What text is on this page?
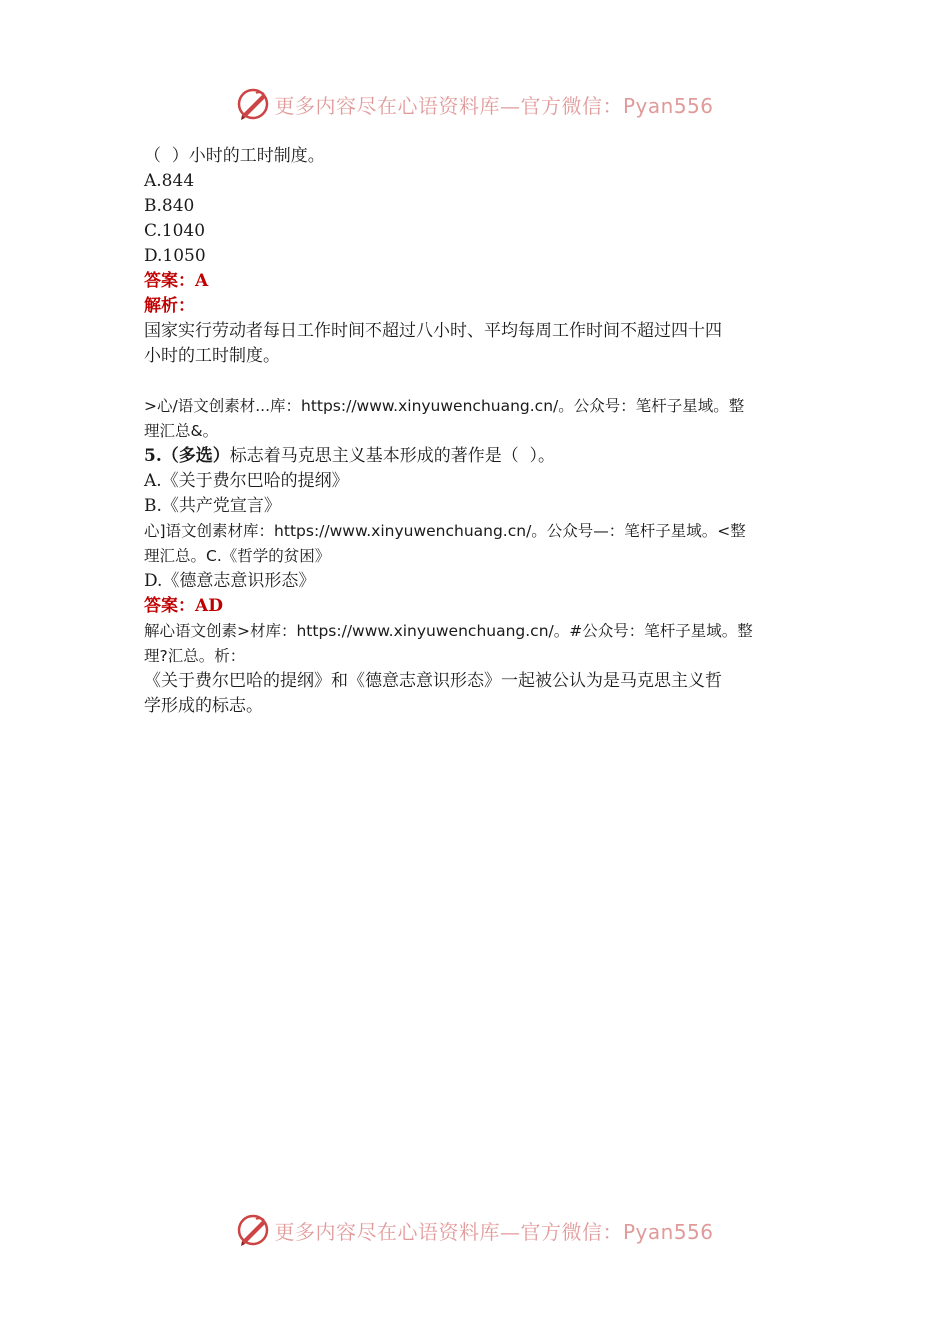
更多内容尽在心语资料库—官方微信：Pyan556
（  ）小时的工时制度。
A.844
B.840
C.1040
D.1050
答案：A
解析：
国家实行劳动者每日工作时间不超过八小时、平均每周工作时间不超过四十四
小时的工时制度。
>心/语文创素材...库：https://www.xinyuwenchuang.cn/。公众号：笔杆子星域。整
理汇总&。
5.（多选）标志着马克思主义基本形成的著作是（  ）。
A.《关于费尔巴哈的提纲》
B.《共产党宣言》
心]语文创素材库：https://www.xinyuwenchuang.cn/。公众号—：笔杆子星域。<整
理汇总。C.《哲学的贫困》
D.《德意志意识形态》
答案：AD
解心语文创素>材库：https://www.xinyuwenchuang.cn/。#公众号：笔杆子星域。整
理?汇总。析：
《关于费尔巴哈的提纲》和《德意志意识形态》一起被公认为是马克思主义哲
学形成的标志。
更多内容尽在心语资料库—官方微信：Pyan556
